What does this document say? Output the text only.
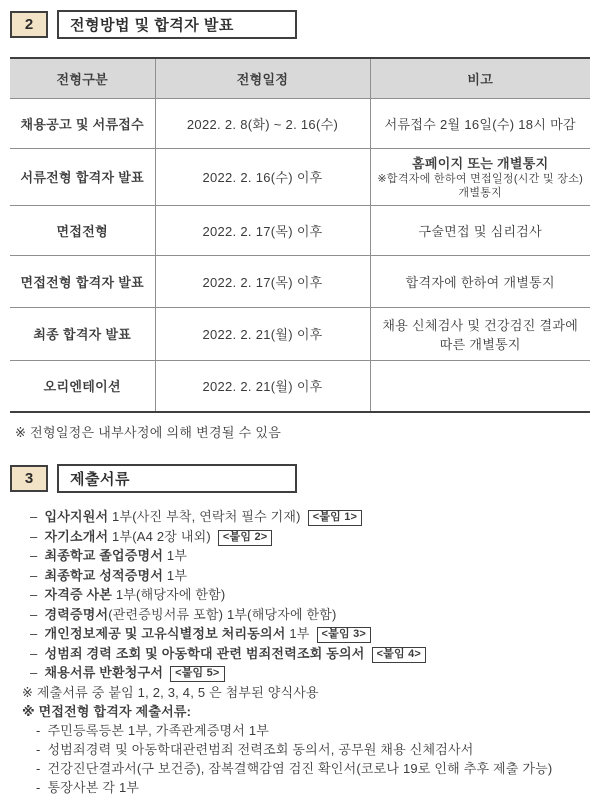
2	전형방법 및 합격자 발표
전형구분	전형일정	비고
채용공고 및 서류접수	2022. 2. 8(화) ~ 2. 16(수)	서류접수 2월 16일(수) 18시 마감
서류전형 합격자 발표	2022. 2. 16(수) 이후	홈페이지 또는 개별통지
※합격자에 한하여 면접일정(시간 및 장소) 개별통지

면접전형	2022. 2. 17(목) 이후	구술면접 및 심리검사
면접전형 합격자 발표	2022. 2. 17(목) 이후	합격자에 한하여 개별통지
최종 합격자 발표	2022. 2. 21(월) 이후	채용 신체검사 및 건강검진 결과에 따른 개별통지
오리엔테이션	2022. 2. 21(월) 이후	
※ 전형일정은 내부사정에 의해 변경될 수 있음
3	제출서류
– 입사지원서 1부(사진 부착, 연락처 필수 기재) <붙임 1>
– 자기소개서 1부(A4 2장 내외) <붙임 2>
– 최종학교 졸업증명서 1부
– 최종학교 성적증명서 1부
– 자격증 사본 1부(해당자에 한함)
– 경력증명서(관련증빙서류 포함) 1부(해당자에 한함)
– 개인정보제공 및 고유식별정보 처리동의서 1부 <붙임 3>
– 성범죄 경력 조회 및 아동학대 관련 범죄전력조회 동의서 <붙임 4>
– 채용서류 반환청구서 <붙임 5>
※ 제출서류 중 붙임 1, 2, 3, 4, 5 은 첨부된 양식사용
※ 면접전형 합격자 제출서류:
- 주민등록등본 1부, 가족관계증명서 1부
- 성범죄경력 및 아동학대관련범죄 전력조회 동의서, 공무원 채용 신체검사서
- 건강진단결과서(구 보건증), 잠복결핵감염 검진 확인서(코로나 19로 인해 추후 제출 가능)
- 통장사본 각 1부
